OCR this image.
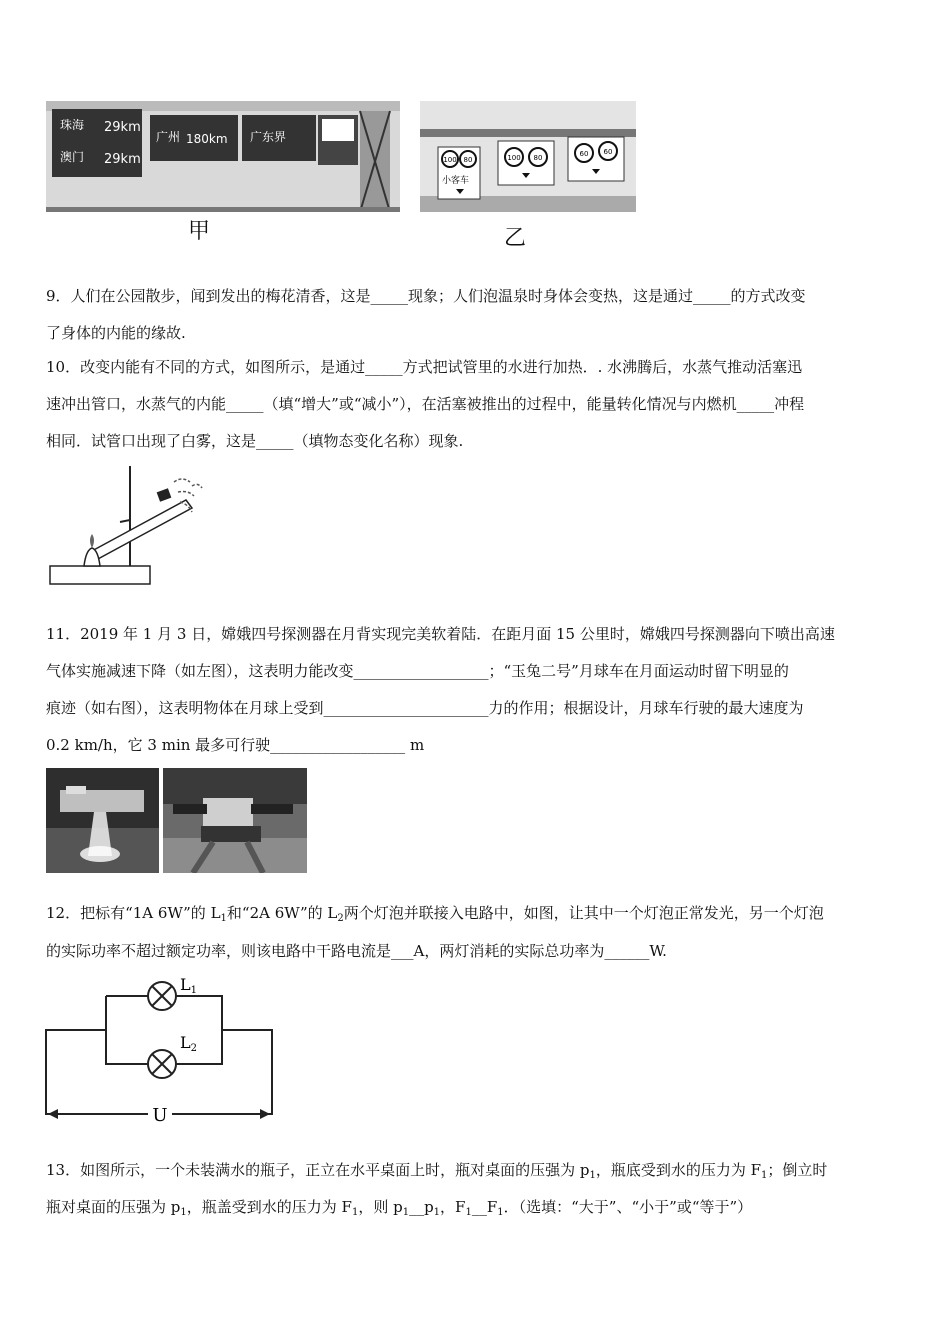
珠海 29km
澳门 29km
广州 180km 广东界
甲
100 80	100 80	60 60
小客车
乙
9．人们在公园散步，闻到发出的梅花清香，这是_____现象；人们泡温泉时身体会变热，这是通过_____的方式改变
了身体的内能的缘故.
10．改变内能有不同的方式，如图所示，是通过_____方式把试管里的水进行加热．. 水沸腾后，水蒸气推动活塞迅
速冲出管口，水蒸气的内能_____（填“增大”或“减小”），在活塞被推出的过程中，能量转化情况与内燃机_____冲程
相同．试管口出现了白雾，这是_____（填物态变化名称）现象.
11．2019 年 1 月 3 日，嫦娥四号探测器在月背实现完美软着陆．在距月面 15 公里时，嫦娥四号探测器向下喷出高速
气体实施减速下降（如左图），这表明力能改变__________________；“玉兔二号”月球车在月面运动时留下明显的
痕迹（如右图），这表明物体在月球上受到______________________力的作用；根据设计，月球车行驶的最大速度为
0.2 km/h，它 3 min 最多可行驶__________________ m
12．把标有“1A 6W”的 $L_1$和“2A 6W”的 $L_2$两个灯泡并联接入电路中，如图，让其中一个灯泡正常发光，另一个灯泡
的实际功率不超过额定功率，则该电路中干路电流是___A，两灯消耗的实际总功率为______W.
U
L1
L2
13．如图所示，一个未装满水的瓶子，正立在水平桌面上时，瓶对桌面的压强为 $p_1$，瓶底受到水的压力为 $F_1$；倒立时
瓶对桌面的压强为 $p_1$，瓶盖受到水的压力为 $F_1$，则 $p_1\_\_p_1$，$F_1\_\_F_1$．（选填：“大于”、“小于”或“等于”）
